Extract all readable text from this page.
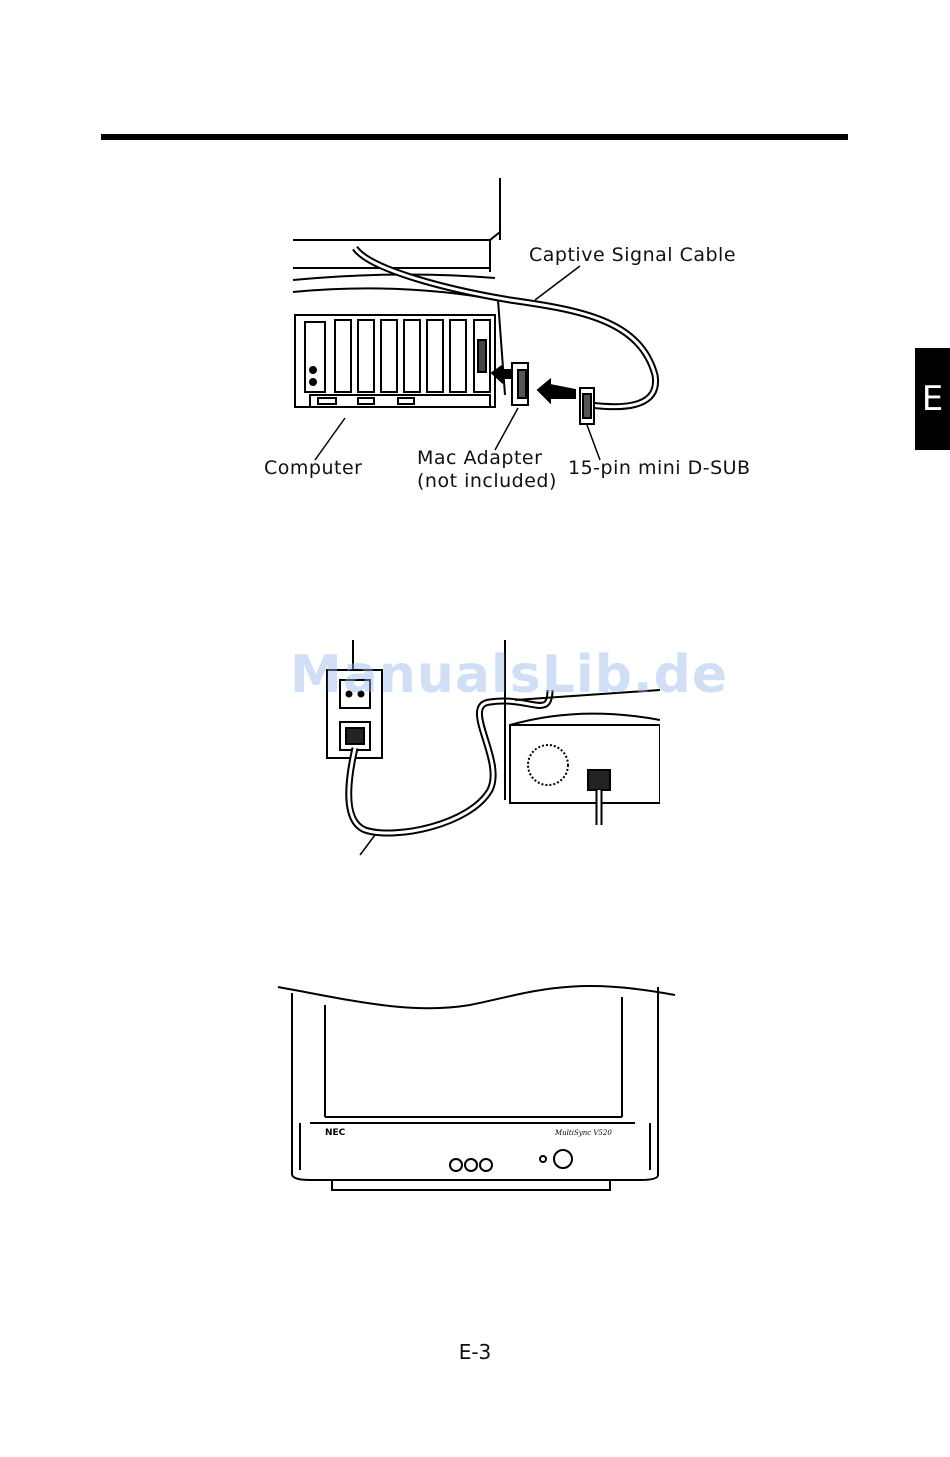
E
Captive Signal Cable
Computer	Mac Adapter
(not included)
15-pin mini D-SUB
ManualsLib.de
NEC	MultiSync V520
E-3
